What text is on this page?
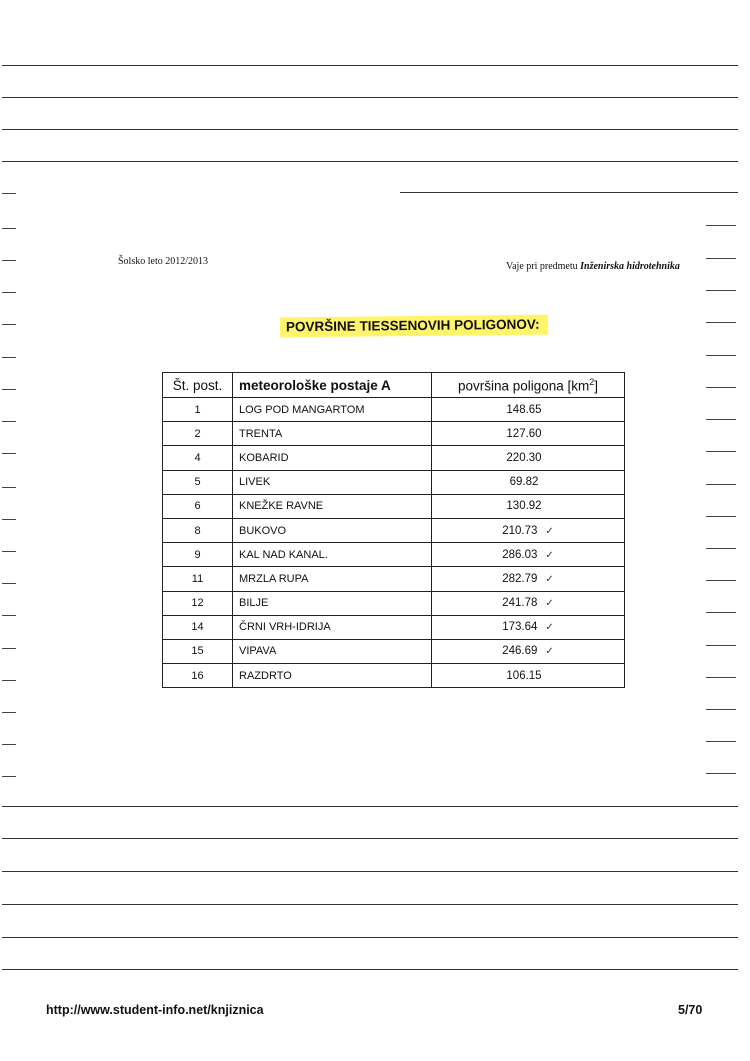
Šolsko leto 2012/2013	Vaje pri predmetu Inženirska hidrotehnika
POVRŠINE TIESSENOVIH POLIGONOV:
Št. post.	meteorološke postaje A	površina poligona $[km^2]$
1	LOG POD MANGARTOM	148.65
2	TRENTA	127.60
4	KOBARID	220.30
5	LIVEK	69.82
6	KNEŽKE RAVNE	130.92
8	BUKOVO	210.73 ✓
9	KAL NAD KANAL.	286.03 ✓
11	MRZLA RUPA	282.79 ✓
12	BILJE	241.78 ✓
14	ČRNI VRH-IDRIJA	173.64 ✓
15	VIPAVA	246.69 ✓
16	RAZDRTO	106.15
http://www.student-info.net/knjiznica	5/70
